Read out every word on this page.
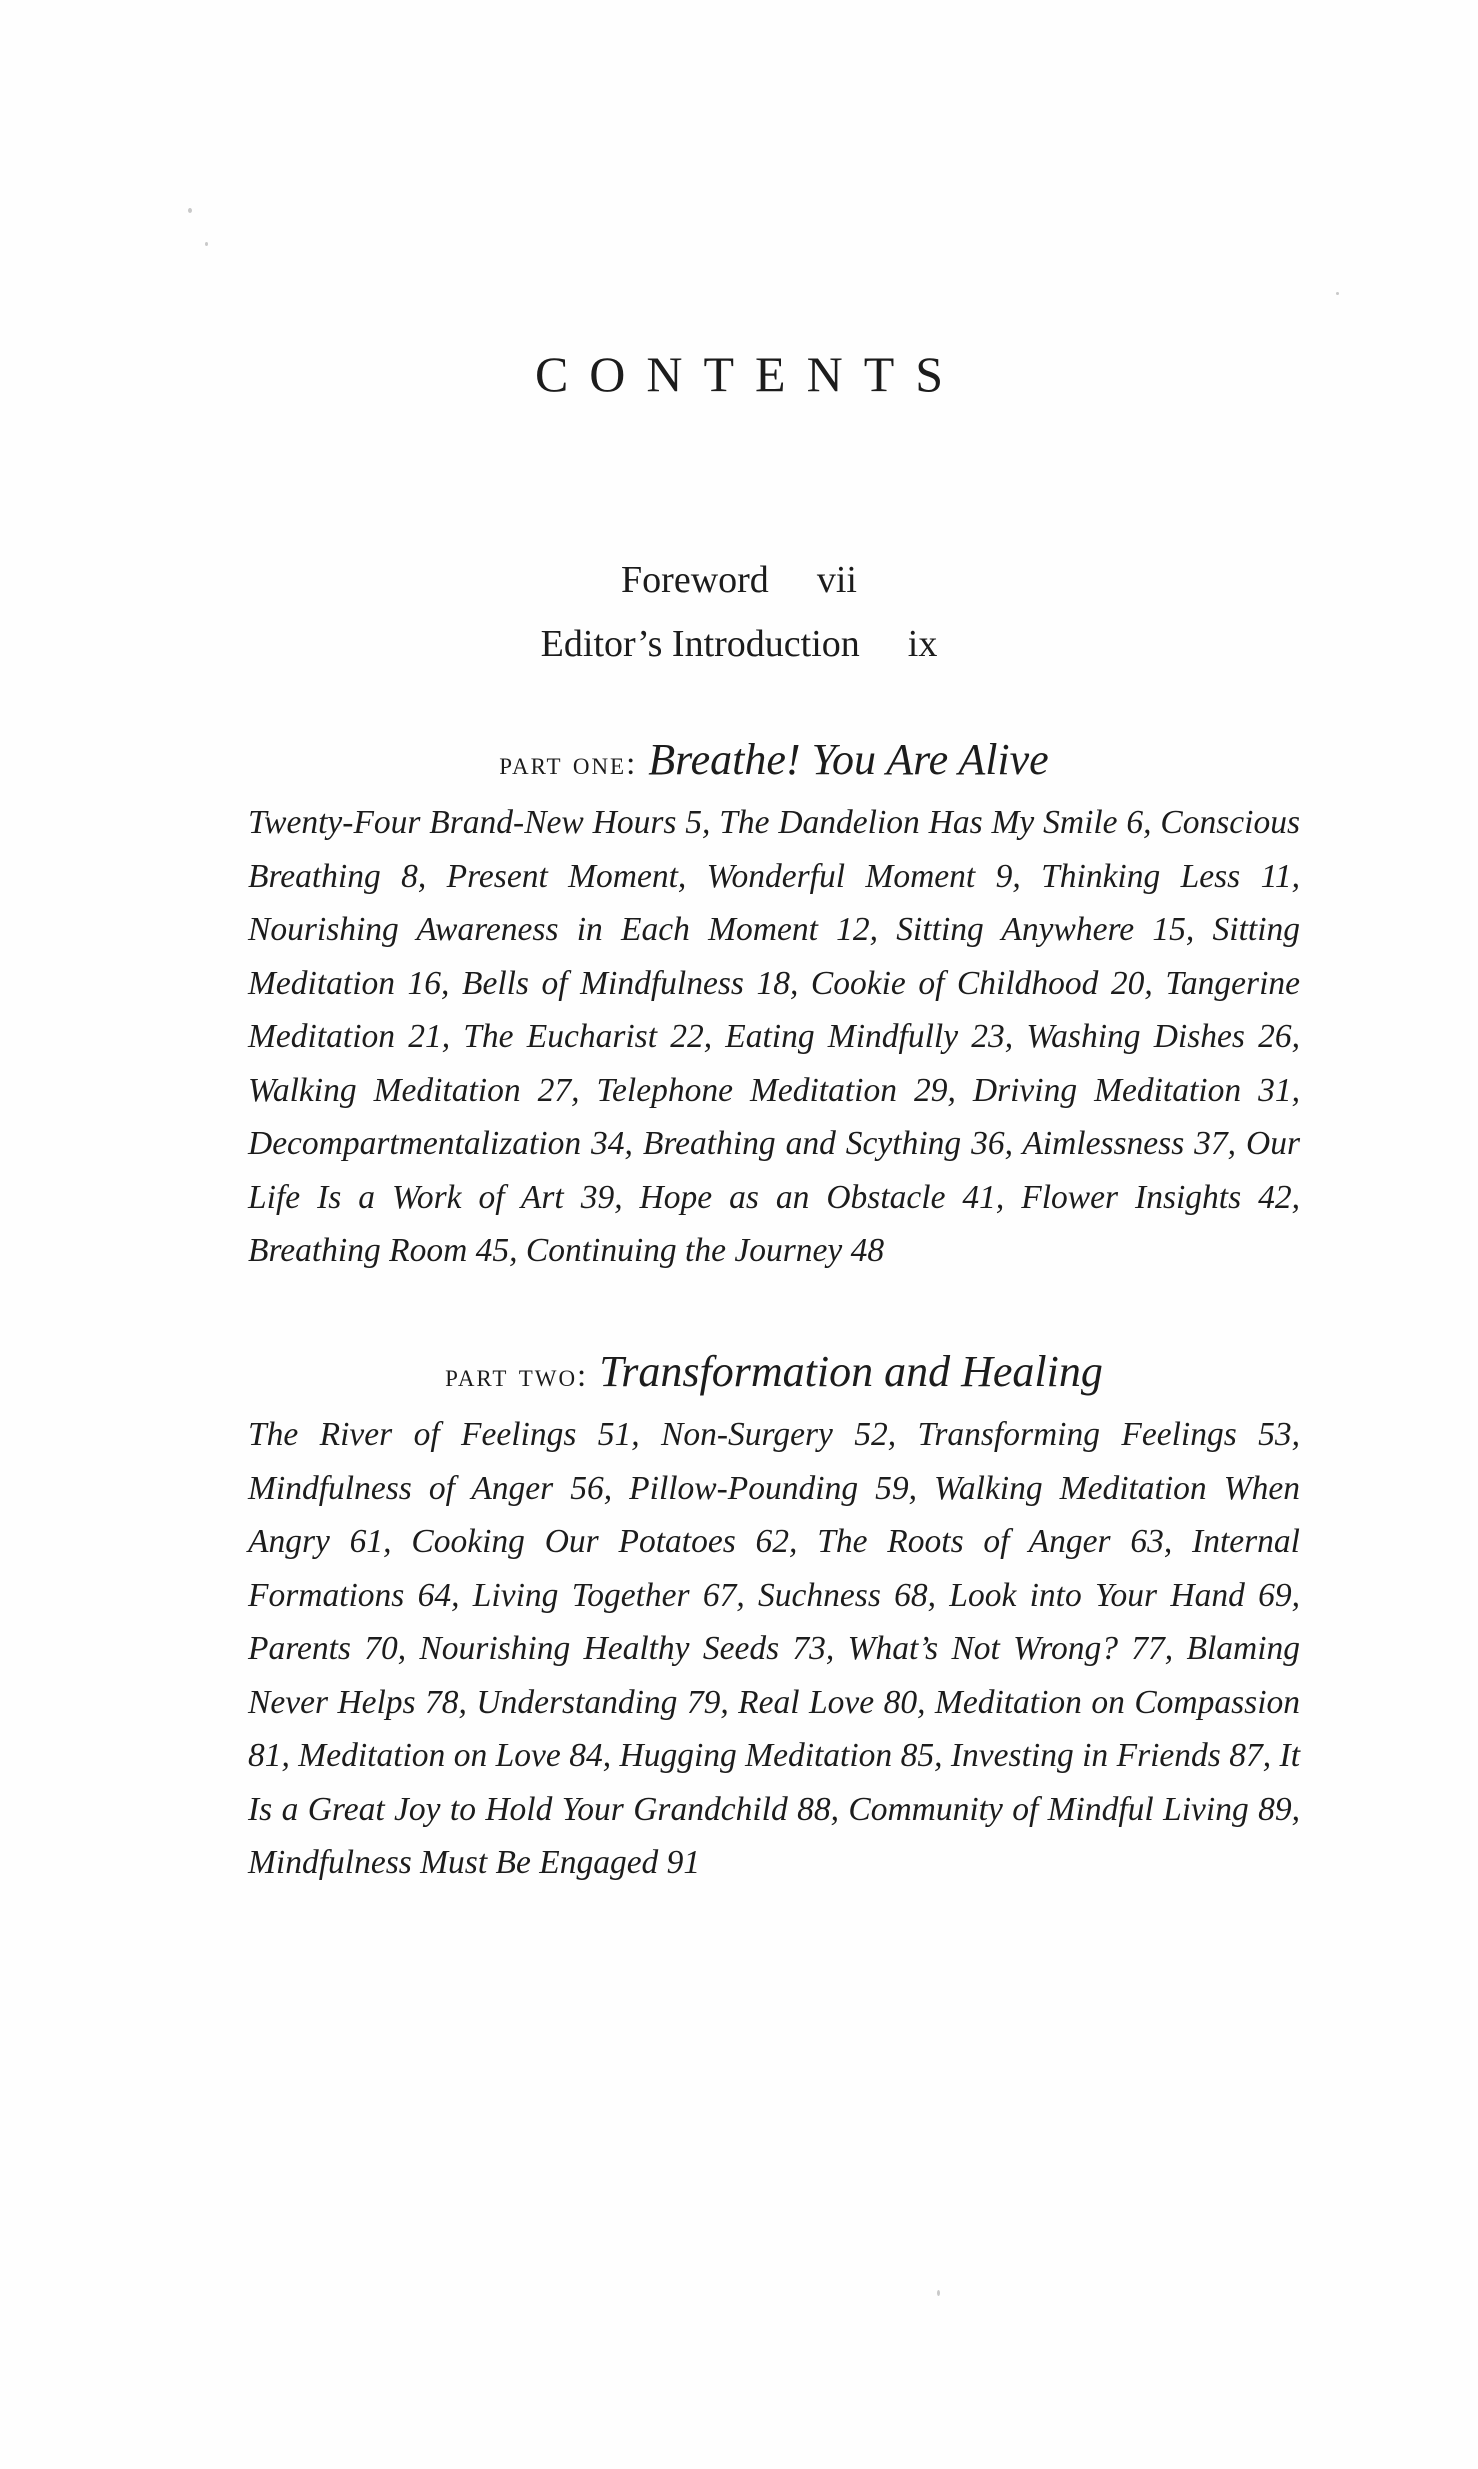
CONTENTS
Foreword vii
Editor’s Introduction ix
part one: Breathe! You Are Alive

Twenty-Four Brand-New Hours 5, The Dandelion Has My Smile 6, Conscious Breathing 8, Present Moment, Wonderful Moment 9, Thinking Less 11, Nourishing Awareness in Each Moment 12, Sitting Anywhere 15, Sitting Meditation 16, Bells of Mindfulness 18, Cookie of Childhood 20, Tangerine Meditation 21, The Eucharist 22, Eating Mindfully 23, Washing Dishes 26, Walking Meditation 27, Telephone Meditation 29, Driving Meditation 31, Decompartmentalization 34, Breathing and Scything 36, Aimlessness 37, Our Life Is a Work of Art 39, Hope as an Obstacle 41, Flower Insights 42, Breathing Room 45, Continuing the Journey 48

part two: Transformation and Healing

The River of Feelings 51, Non-Surgery 52, Transforming Feelings 53, Mindfulness of Anger 56, Pillow-Pounding 59, Walking Meditation When Angry 61, Cooking Our Potatoes 62, The Roots of Anger 63, Internal Formations 64, Living Together 67, Suchness 68, Look into Your Hand 69, Parents 70, Nourishing Healthy Seeds 73, What’s Not Wrong? 77, Blaming Never Helps 78, Understanding 79, Real Love 80, Meditation on Compassion 81, Meditation on Love 84, Hugging Meditation 85, Investing in Friends 87, It Is a Great Joy to Hold Your Grandchild 88, Community of Mindful Living 89, Mindfulness Must Be Engaged 91
